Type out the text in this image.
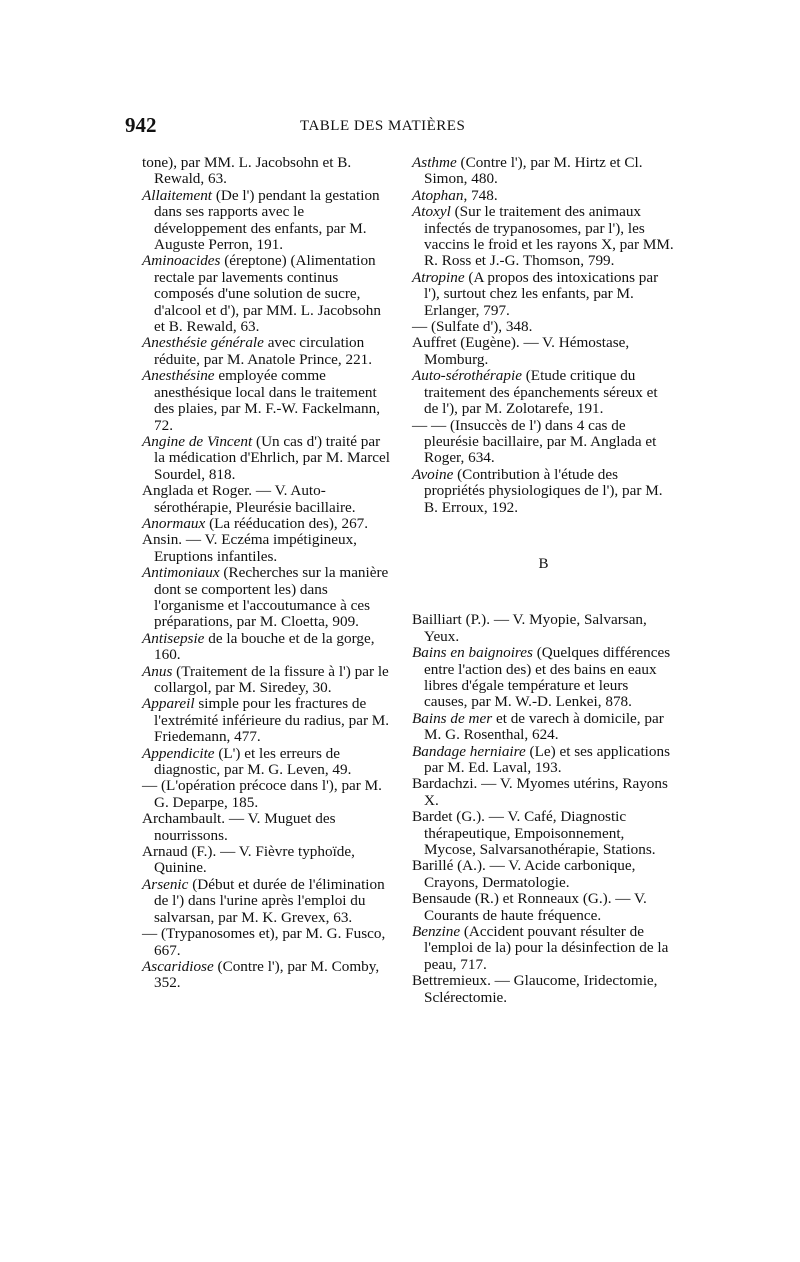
942	TABLE DES MATIÈRES
tone), par MM. L. Jacobsohn et B. Rewald, 63.
Allaitement (De l') pendant la gestation dans ses rapports avec le développement des enfants, par M. Auguste Perron, 191.
Aminoacides (éreptone) (Alimentation rectale par lavements continus composés d'une solution de sucre, d'alcool et d'), par MM. L. Jacobsohn et B. Rewald, 63.
Anesthésie générale avec circulation réduite, par M. Anatole Prince, 221.
Anesthésine employée comme anesthésique local dans le traitement des plaies, par M. F.-W. Fackelmann, 72.
Angine de Vincent (Un cas d') traité par la médication d'Ehrlich, par M. Marcel Sourdel, 818.
Anglada et Roger. — V. Auto-sérothérapie, Pleurésie bacillaire.
Anormaux (La rééducation des), 267.
Ansin. — V. Eczéma impétigineux, Eruptions infantiles.
Antimoniaux (Recherches sur la manière dont se comportent les) dans l'organisme et l'accoutumance à ces préparations, par M. Cloetta, 909.
Antisepsie de la bouche et de la gorge, 160.
Anus (Traitement de la fissure à l') par le collargol, par M. Siredey, 30.
Appareil simple pour les fractures de l'extrémité inférieure du radius, par M. Friedemann, 477.
Appendicite (L') et les erreurs de diagnostic, par M. G. Leven, 49.
— (L'opération précoce dans l'), par M. G. Deparpe, 185.
Archambault. — V. Muguet des nourrissons.
Arnaud (F.). — V. Fièvre typhoïde, Quinine.
Arsenic (Début et durée de l'élimination de l') dans l'urine après l'emploi du salvarsan, par M. K. Grevex, 63.
— (Trypanosomes et), par M. G. Fusco, 667.
Ascaridiose (Contre l'), par M. Comby, 352.
Asthme (Contre l'), par M. Hirtz et Cl. Simon, 480.
Atophan, 748.
Atoxyl (Sur le traitement des animaux infectés de trypanosomes, par l'), les vaccins le froid et les rayons X, par MM. R. Ross et J.-G. Thomson, 799.
Atropine (A propos des intoxications par l'), surtout chez les enfants, par M. Erlanger, 797.
— (Sulfate d'), 348.
Auffret (Eugène). — V. Hémostase, Momburg.
Auto-sérothérapie (Etude critique du traitement des épanchements séreux et de l'), par M. Zolotarefe, 191.
— — (Insuccès de l') dans 4 cas de pleurésie bacillaire, par M. Anglada et Roger, 634.
Avoine (Contribution à l'étude des propriétés physiologiques de l'), par M. B. Erroux, 192.
B
Bailliart (P.). — V. Myopie, Salvarsan, Yeux.
Bains en baignoires (Quelques différences entre l'action des) et des bains en eaux libres d'égale température et leurs causes, par M. W.-D. Lenkei, 878.
Bains de mer et de varech à domicile, par M. G. Rosenthal, 624.
Bandage herniaire (Le) et ses applications par M. Ed. Laval, 193.
Bardachzi. — V. Myomes utérins, Rayons X.
Bardet (G.). — V. Café, Diagnostic thérapeutique, Empoisonnement, Mycose, Salvarsanothérapie, Stations.
Barillé (A.). — V. Acide carbonique, Crayons, Dermatologie.
Bensaude (R.) et Ronneaux (G.). — V. Courants de haute fréquence.
Benzine (Accident pouvant résulter de l'emploi de la) pour la désinfection de la peau, 717.
Bettremieux. — Glaucome, Iridectomie, Sclérectomie.
